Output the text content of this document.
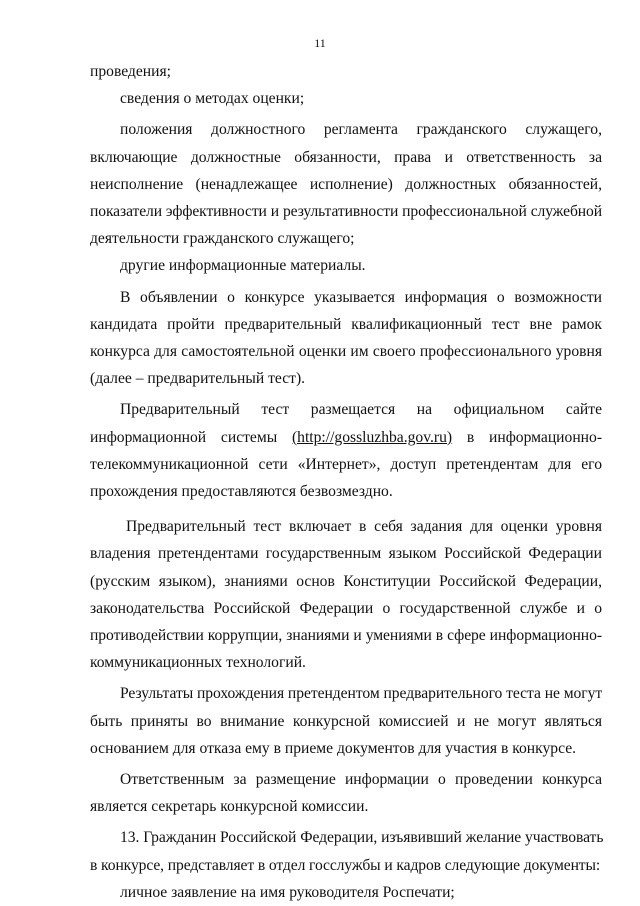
11

проведения;

сведения о методах оценки;

положения должностного регламента гражданского служащего,

включающие должностные обязанности, права и ответственность за

неисполнение (ненадлежащее исполнение) должностных обязанностей,

показатели эффективности и результативности профессиональной служебной

деятельности гражданского служащего;

другие информационные материалы.

В объявлении о конкурсе указывается информация о возможности

кандидата пройти предварительный квалификационный тест вне рамок

конкурса для самостоятельной оценки им своего профессионального уровня

(далее – предварительный тест).

Предварительный тест размещается на официальном сайте

информационной системы (http://gossluzhba.gov.ru) в информационно-

телекоммуникационной сети «Интернет», доступ претендентам для его

прохождения предоставляются безвозмездно.

Предварительный тест включает в себя задания для оценки уровня

владения претендентами государственным языком Российской Федерации

(русским языком), знаниями основ Конституции Российской Федерации,

законодательства Российской Федерации о государственной службе и о

противодействии коррупции, знаниями и умениями в сфере информационно-

коммуникационных технологий.

Результаты прохождения претендентом предварительного теста не могут

быть приняты во внимание конкурсной комиссией и не могут являться

основанием для отказа ему в приеме документов для участия в конкурсе.

Ответственным за размещение информации о проведении конкурса

является секретарь конкурсной комиссии.

13. Гражданин Российской Федерации, изъявивший желание участвовать

в конкурсе, представляет в отдел госслужбы и кадров следующие документы:

личное заявление на имя руководителя Роспечати;
